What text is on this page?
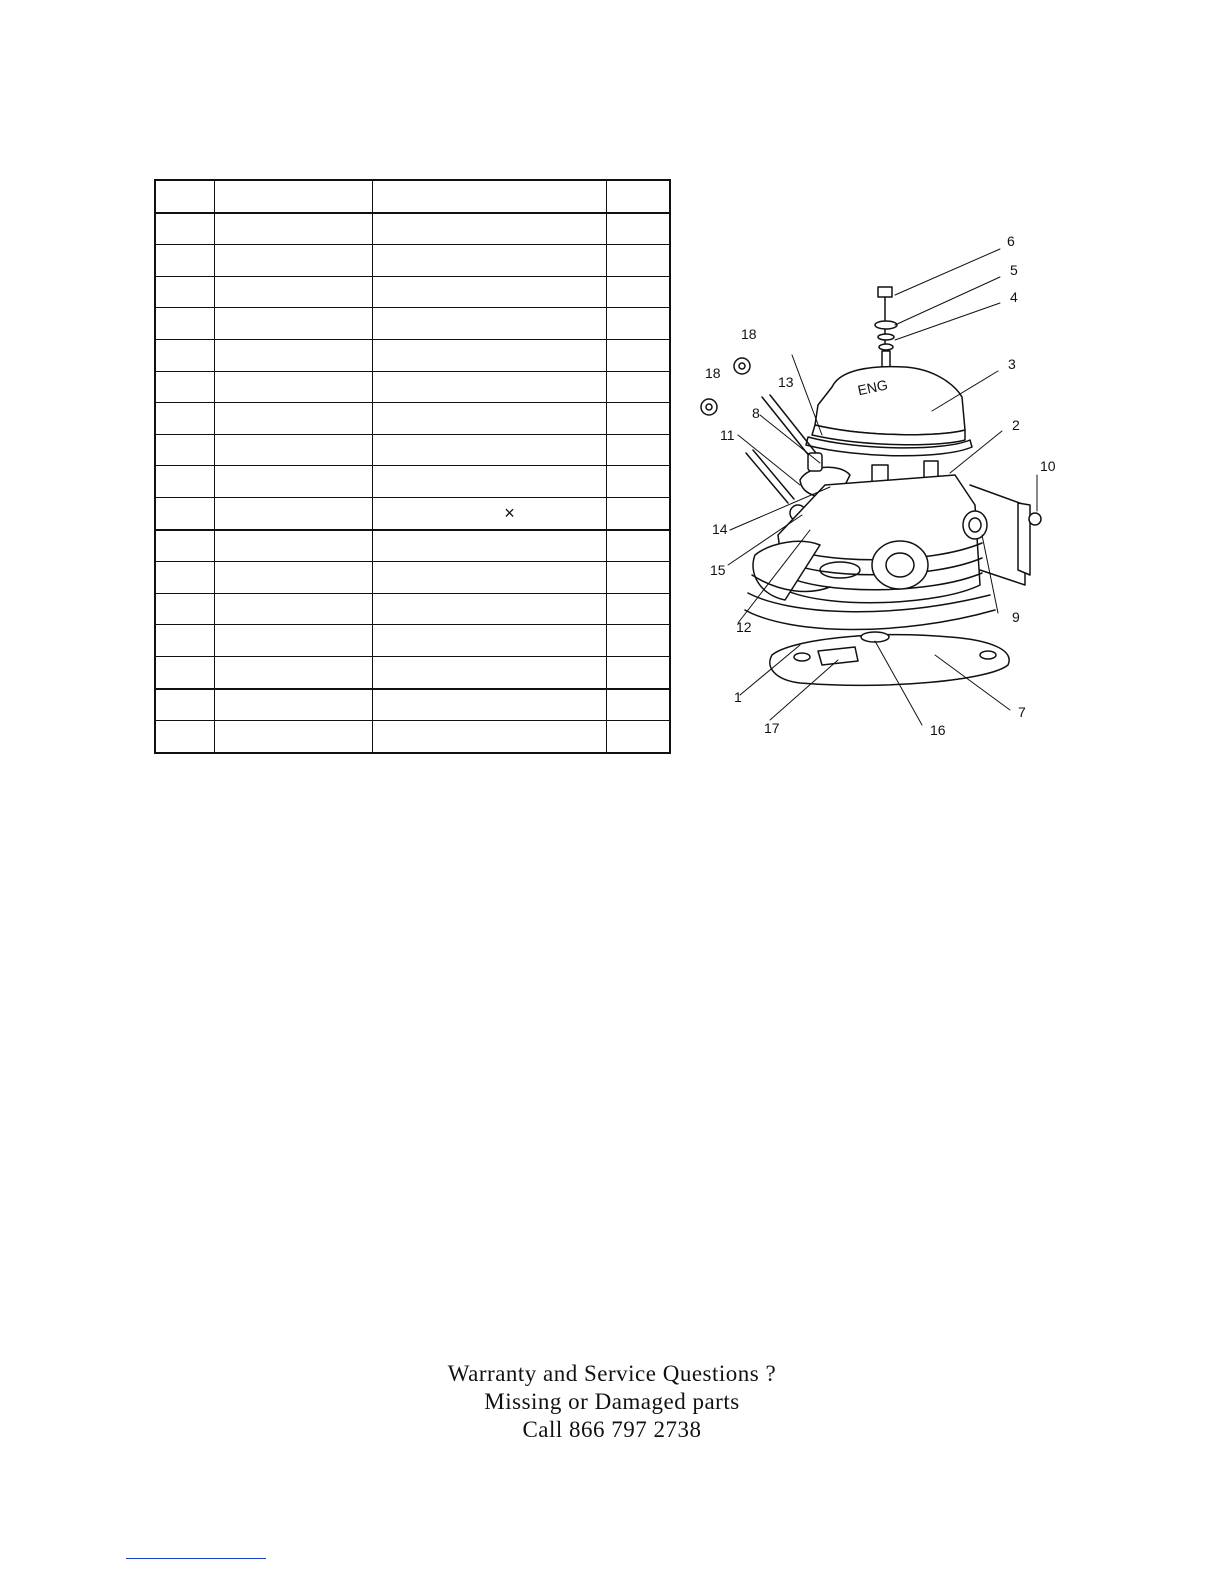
		×	

ENG
1
2
3
4
5
6
7
8
9
10
11
12
13
14
15
16
17
18
18
Warranty and Service Questions ?
Missing or Damaged parts
Call 866 797 2738
